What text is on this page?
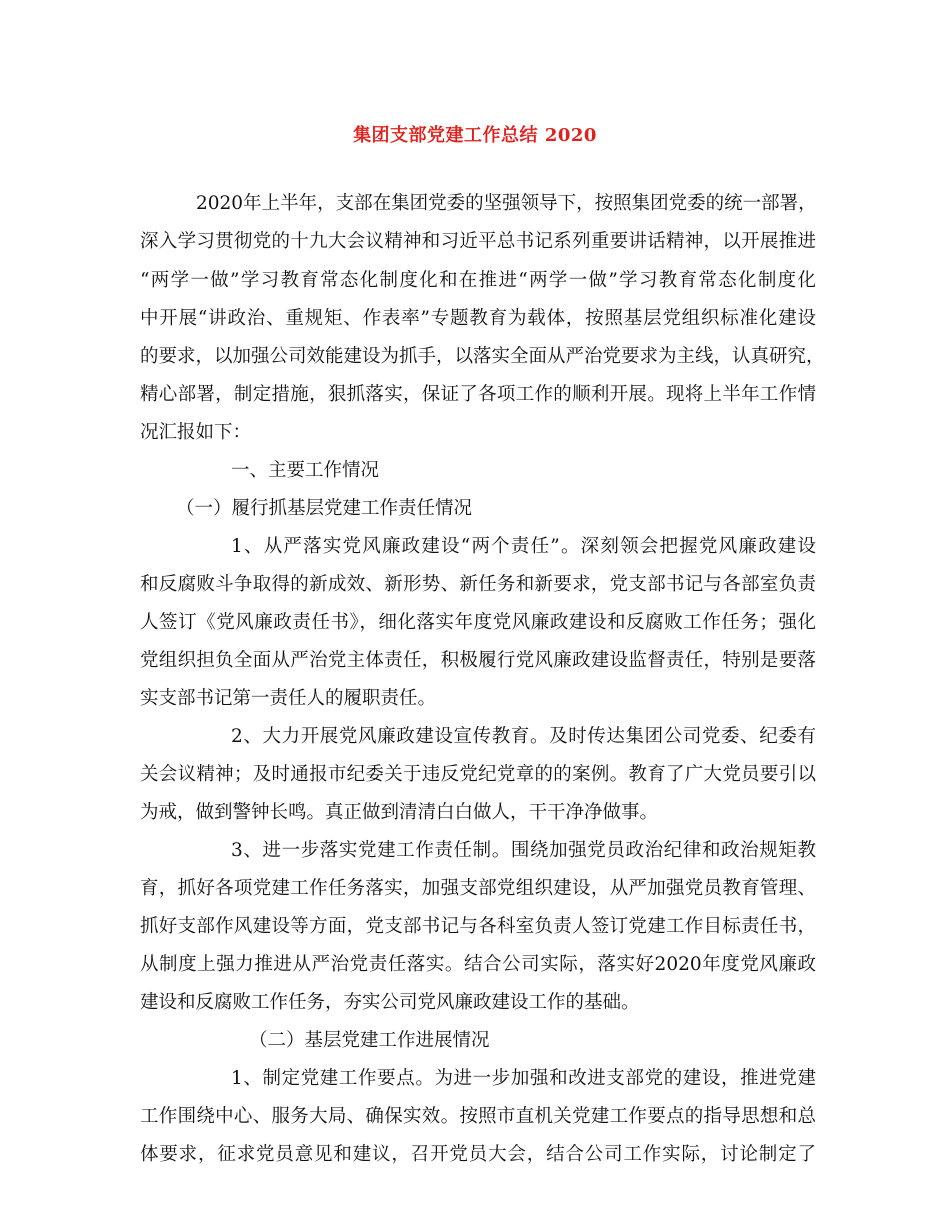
集团支部党建工作总结 2020
2020年上半年，支部在集团党委的坚强领导下，按照集团党委的统一部署，
深入学习贯彻党的十九大会议精神和习近平总书记系列重要讲话精神，以开展推进
“两学一做”学习教育常态化制度化和在推进“两学一做”学习教育常态化制度化
中开展“讲政治、重规矩、作表率”专题教育为载体，按照基层党组织标准化建设
的要求，以加强公司效能建设为抓手，以落实全面从严治党要求为主线，认真研究，
精心部署，制定措施，狠抓落实，保证了各项工作的顺利开展。现将上半年工作情
况汇报如下：
一、主要工作情况
（一）履行抓基层党建工作责任情况
1、从严落实党风廉政建设“两个责任”。深刻领会把握党风廉政建设
和反腐败斗争取得的新成效、新形势、新任务和新要求，党支部书记与各部室负责
人签订《党风廉政责任书》，细化落实年度党风廉政建设和反腐败工作任务；强化
党组织担负全面从严治党主体责任，积极履行党风廉政建设监督责任，特别是要落
实支部书记第一责任人的履职责任。
2、大力开展党风廉政建设宣传教育。及时传达集团公司党委、纪委有
关会议精神；及时通报市纪委关于违反党纪党章的的案例。教育了广大党员要引以
为戒，做到警钟长鸣。真正做到清清白白做人，干干净净做事。
3、进一步落实党建工作责任制。围绕加强党员政治纪律和政治规矩教
育，抓好各项党建工作任务落实，加强支部党组织建设，从严加强党员教育管理、
抓好支部作风建设等方面，党支部书记与各科室负责人签订党建工作目标责任书，
从制度上强力推进从严治党责任落实。结合公司实际，落实好2020年度党风廉政
建设和反腐败工作任务，夯实公司党风廉政建设工作的基础。
（二）基层党建工作进展情况
1、制定党建工作要点。为进一步加强和改进支部党的建设，推进党建
工作围绕中心、服务大局、确保实效。按照市直机关党建工作要点的指导思想和总
体要求，征求党员意见和建议，召开党员大会，结合公司工作实际，讨论制定了
